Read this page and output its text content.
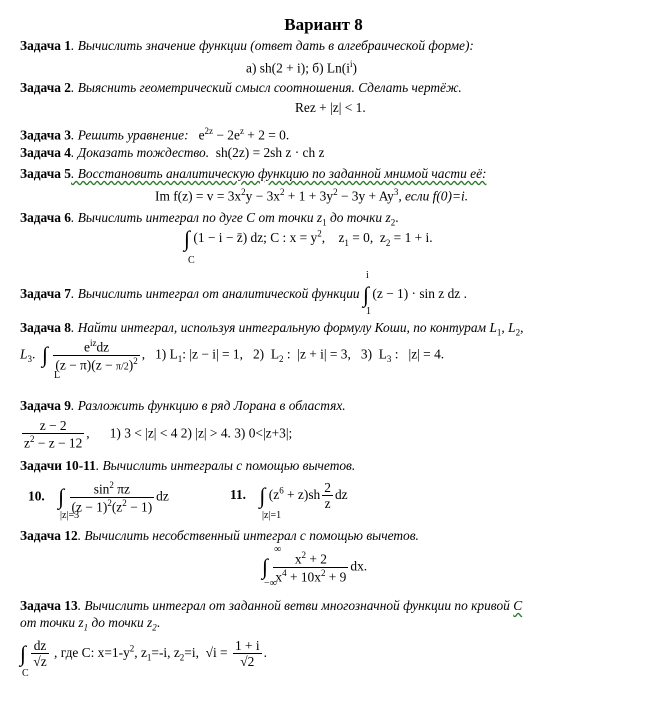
Вариант 8
Задача 1. Вычислить значение функции (ответ дать в алгебраической форме):
а) sh(2 + i); б) $Ln(i^i)$
Задача 2. Выяснить геометрический смысл соотношения. Сделать чертёж.
Rez + |z| < 1.
Задача 3. Решить уравнение:   $e^{2z} - 2e^z + 2 = 0$.
Задача 4. Доказать тождество. sh(2z) = 2sh z · ch z
Задача 5. Восстановить аналитическую функцию по заданной мнимой части её:
Im $f(z) = v = 3x^2y - 3x^2 + 1 + 3y^2 - 3y + Ay^3$, если f(0)=i.
Задача 6. Вычислить интеграл по дуге C от точки $z_1$ до точки $z_2$.
∫
C
(1 − i − z̄) dz; C : $x = y^2$,    $z_1 = 0$,  $z_2 = 1 + i$.
Задача 7. Вычислить интеграл от аналитической функции
i
∫
1
(z − 1) · sin z dz .
Задача 8. Найти интеграл, используя интегральную формулу Коши, по контурам $L_1$, $L_2$,
$L_3$.  ∫
L

$\frac{e^{iz}dz}{(z - \pi)(z - \pi/2)^2}$ ,   1) $L_1$: |z − i| = 1,   2)  $L_2$ :  |z + i| = 3,   3)  $L_3$ :   |z| = 4.
Задача 9. Разложить функцию в ряд Лорана в областях.
$\frac{z - 2}{z^2 - z - 12}$ ,      1) 3 < |z| < 4 2) |z| > 4. 3) 0<|z+3|;
Задачи 10-11. Вычислить интегралы с помощью вычетов.
10. ∫
|z|=3

$\frac{\sin^2 \pi z}{(z - 1)^2(z^2 - 1)}$ dz	11. ∫
|z|=1
$(z^6 + z)sh \frac{2}{z}$ dz
Задача 12. Вычислить несобственный интеграл с помощью вычетов.
∞
∫
−∞

$\frac{x^2 + 2}{x^4 + 10x^2 + 9}$ dx.
Задача 13. Вычислить интеграл от заданной ветви многозначной функции по кривой C
от точки $z_1$ до точки $z_2$.
∫
C

$\frac{dz}{√z}$ , где C: $x=1-y^2$, $z_1=-i$, $z_2=i$,  $√i = \frac{1 + i}{√2}$ .
